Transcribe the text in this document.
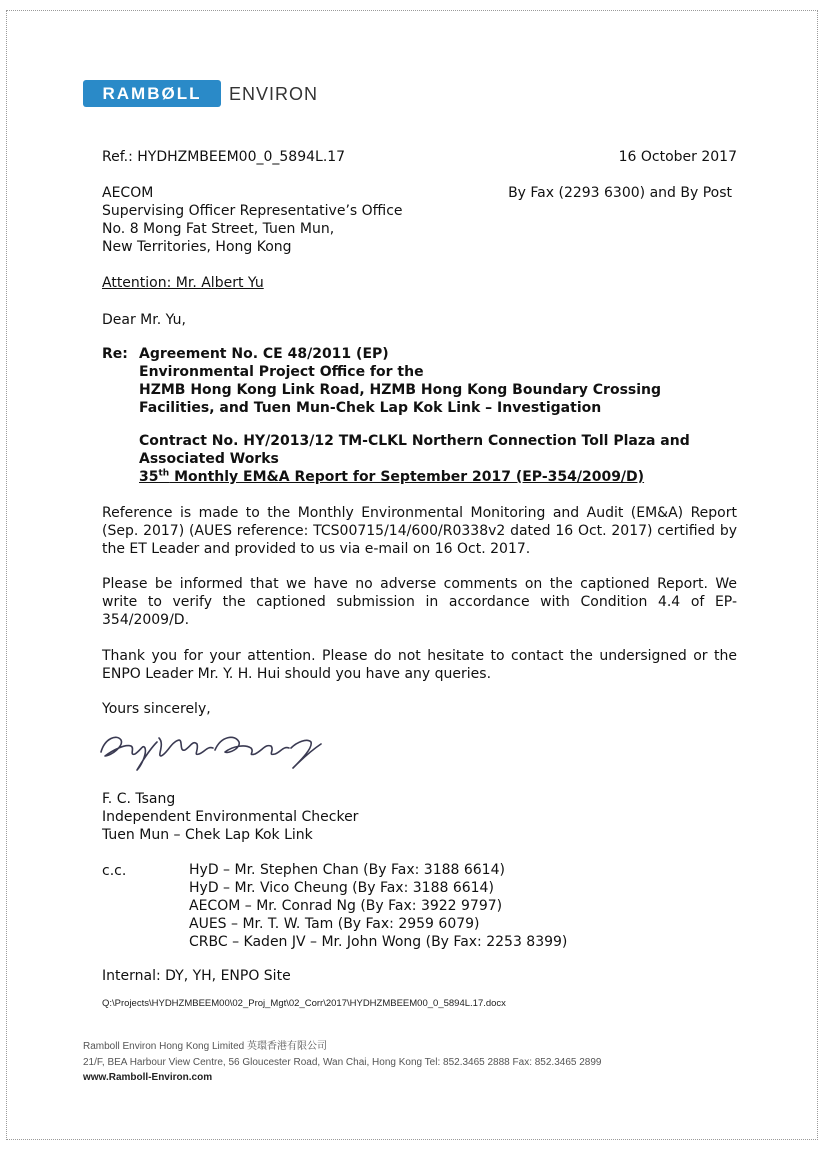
RAMBØLL	ENVIRON
Ref.: HYDHZMBEEM00_0_5894L.17	16 October 2017
AECOM
Supervising Officer Representative’s Office
No. 8 Mong Fat Street, Tuen Mun,
New Territories, Hong Kong
By Fax (2293 6300) and By Post
Attention: Mr. Albert Yu
Dear Mr. Yu,
Re: Agreement No. CE 48/2011 (EP)
Environmental Project Office for the
HZMB Hong Kong Link Road, HZMB Hong Kong Boundary Crossing
Facilities, and Tuen Mun-Chek Lap Kok Link – Investigation
Contract No. HY/2013/12 TM-CLKL Northern Connection Toll Plaza and
Associated Works
35th Monthly EM&A Report for September 2017 (EP-354/2009/D)
Reference is made to the Monthly Environmental Monitoring and Audit (EM&A) Report (Sep. 2017) (AUES reference: TCS00715/14/600/R0338v2 dated 16 Oct. 2017) certified by the ET Leader and provided to us via e-mail on 16 Oct. 2017.
Please be informed that we have no adverse comments on the captioned Report. We write to verify the captioned submission in accordance with Condition 4.4 of EP-354/2009/D.
Thank you for your attention. Please do not hesitate to contact the undersigned or the ENPO Leader Mr. Y. H. Hui should you have any queries.
Yours sincerely,
F. C. Tsang
Independent Environmental Checker
Tuen Mun – Chek Lap Kok Link
c.c.	HyD – Mr. Stephen Chan (By Fax: 3188 6614)
HyD – Mr. Vico Cheung (By Fax: 3188 6614)
AECOM – Mr. Conrad Ng (By Fax: 3922 9797)
AUES – Mr. T. W. Tam (By Fax: 2959 6079)
CRBC – Kaden JV – Mr. John Wong (By Fax: 2253 8399)
Internal: DY, YH, ENPO Site
Q:\Projects\HYDHZMBEEM00\02_Proj_Mgt\02_Corr\2017\HYDHZMBEEM00_0_5894L.17.docx
Ramboll Environ Hong Kong Limited 英環香港有限公司
21/F, BEA Harbour View Centre, 56 Gloucester Road, Wan Chai, Hong Kong Tel: 852.3465 2888 Fax: 852.3465 2899
www.Ramboll-Environ.com
